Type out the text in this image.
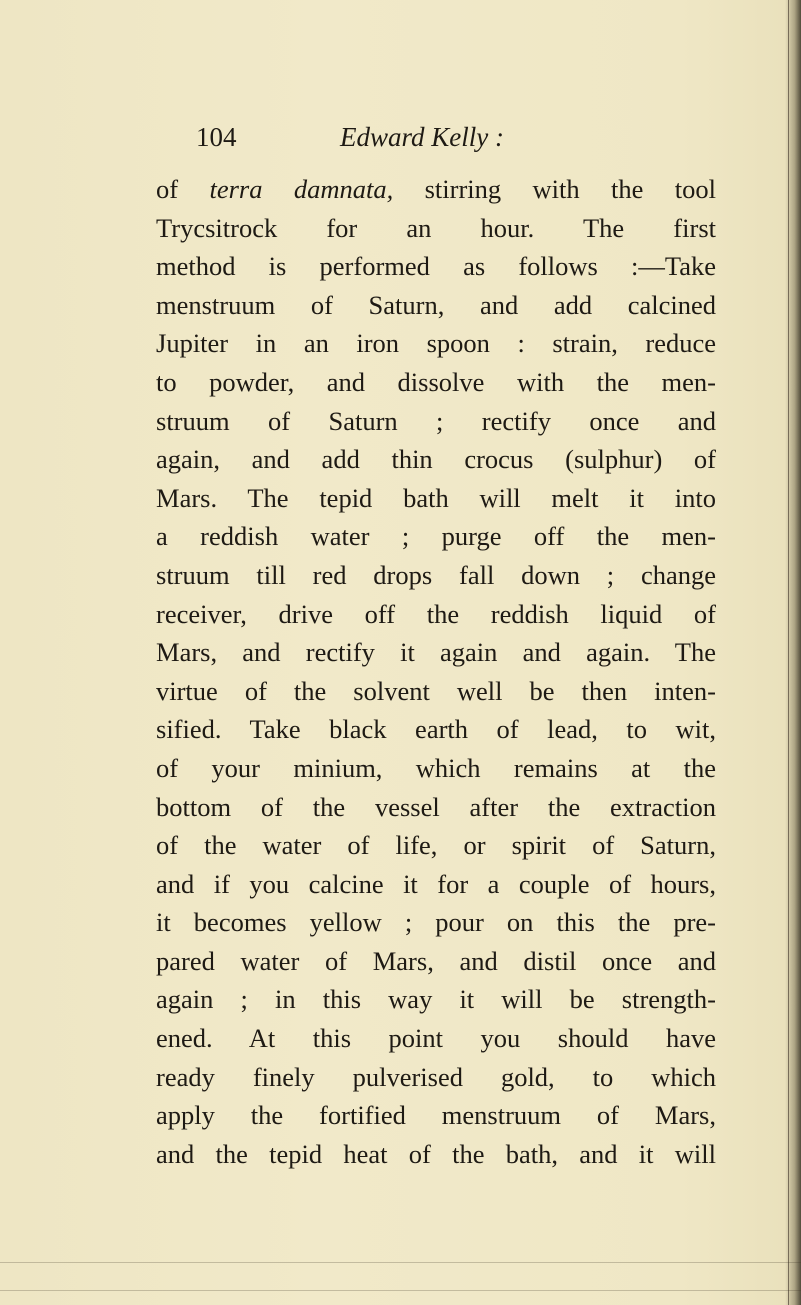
104	Edward Kelly :
of terra damnata, stirring with the tool
Trycsitrock for an hour. The first
method is performed as follows :—Take
menstruum of Saturn, and add calcined
Jupiter in an iron spoon : strain, reduce
to powder, and dissolve with the men-
struum of Saturn ; rectify once and
again, and add thin crocus (sulphur) of
Mars. The tepid bath will melt it into
a reddish water ; purge off the men-
struum till red drops fall down ; change
receiver, drive off the reddish liquid of
Mars, and rectify it again and again. The
virtue of the solvent well be then inten-
sified. Take black earth of lead, to wit,
of your minium, which remains at the
bottom of the vessel after the extraction
of the water of life, or spirit of Saturn,
and if you calcine it for a couple of hours,
it becomes yellow ; pour on this the pre-
pared water of Mars, and distil once and
again ; in this way it will be strength-
ened. At this point you should have
ready finely pulverised gold, to which
apply the fortified menstruum of Mars,
and the tepid heat of the bath, and it will
